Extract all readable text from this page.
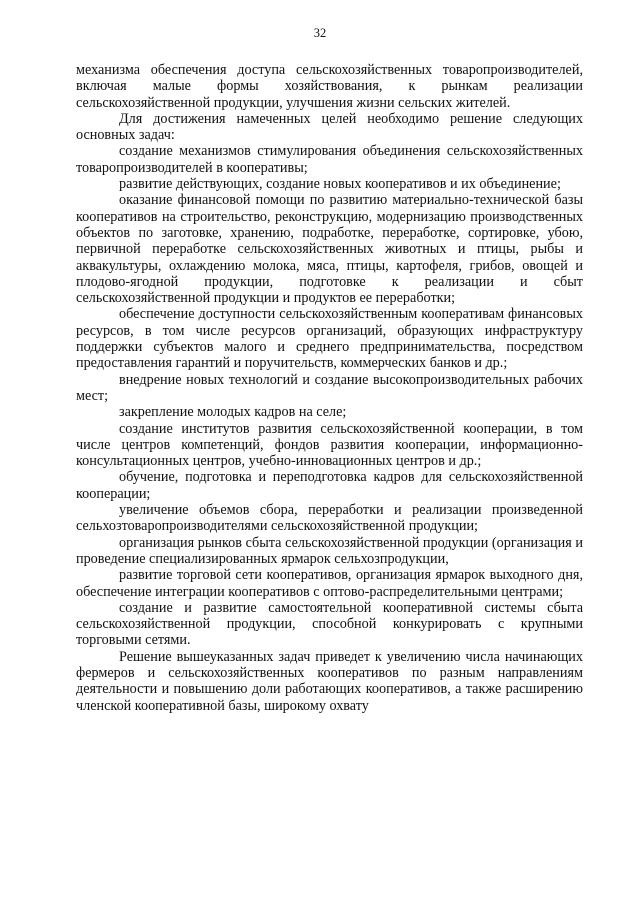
32

механизма обеспечения доступа сельскохозяйственных товаропроизводителей, включая малые формы хозяйствования, к рынкам реализации сельскохозяйственной продукции, улучшения жизни сельских жителей.

Для достижения намеченных целей необходимо решение следующих основных задач:

создание механизмов стимулирования объединения сельскохозяйственных товаропроизводителей в кооперативы;

развитие действующих, создание новых кооперативов и их объединение;

оказание финансовой помощи по развитию материально-технической базы кооперативов на строительство, реконструкцию, модернизацию производственных объектов по заготовке, хранению, подработке, переработке, сортировке, убою, первичной переработке сельскохозяйственных животных и птицы, рыбы и аквакультуры, охлаждению молока, мяса, птицы, картофеля, грибов, овощей и плодово-ягодной продукции, подготовке к реализации и сбыт сельскохозяйственной продукции и продуктов ее переработки;

обеспечение доступности сельскохозяйственным кооперативам финансовых ресурсов, в том числе ресурсов организаций, образующих инфраструктуру поддержки субъектов малого и среднего предпринимательства, посредством предоставления гарантий и поручительств, коммерческих банков и др.;

внедрение новых технологий и создание высокопроизводительных рабочих мест;

закрепление молодых кадров на селе;

создание институтов развития сельскохозяйственной кооперации, в том числе центров компетенций, фондов развития кооперации, информационно-консультационных центров, учебно-инновационных центров и др.;

обучение, подготовка и переподготовка кадров для сельскохозяйственной кооперации;

увеличение объемов сбора, переработки и реализации произведенной сельхозтоваропроизводителями сельскохозяйственной продукции;

организация рынков сбыта сельскохозяйственной продукции (организация и проведение специализированных ярмарок сельхозпродукции,

развитие торговой сети кооперативов, организация ярмарок выходного дня, обеспечение интеграции кооперативов с оптово-распределительными центрами;

создание и развитие самостоятельной кооперативной системы сбыта сельскохозяйственной продукции, способной конкурировать с крупными торговыми сетями.

Решение вышеуказанных задач приведет к увеличению числа начинающих фермеров и сельскохозяйственных кооперативов по разным направлениям деятельности и повышению доли работающих кооперативов, а также расширению членской кооперативной базы, широкому охвату
